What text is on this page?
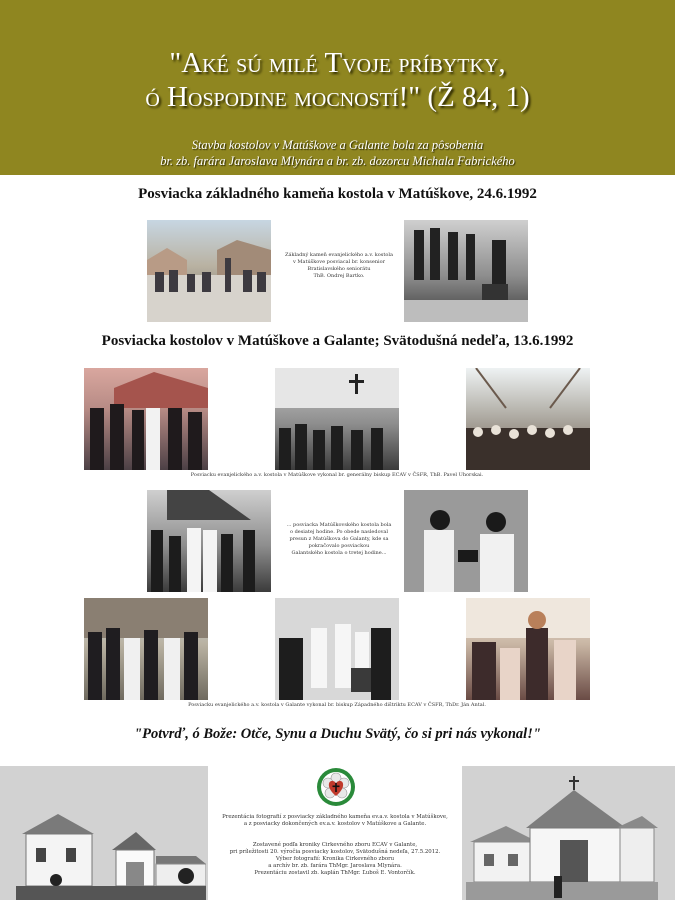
"Aké sú milé Tvoje príbytky,
ó Hospodine mocností!" (Ž 84, 1)
Stavba kostolov v Matúškove a Galante bola za pôsobenia
br. zb. farára Jaroslava Mlynára a br. zb. dozorcu Michala Fabrického
Posviacka základného kameňa kostola v Matúškove, 24.6.1992
Základný kameň evanjelického a.v. kostola
v Matúškove posviacal br. konsenior
Bratislavského seniorátu
ThB. Ondrej Bartko.
Posviacka kostolov v Matúškove a Galante; Svätodušná nedeľa, 13.6.1992
Posviacku evanjelického a.v. kostola v Matúškove vykonal br. generálny biskup ECAV v ČSFR, ThB. Pavel Uhorskai.
... posviacka Matúškovského kostola bola
o desiatej hodine. Po obede nasledoval
presun z Matúškova do Galanty, kde sa
pokračovalo posviackou
Galantského kostola o tretej hodine...
Posviacku evanjelického a.v. kostola v Galante vykonal br. biskup Západného dištriktu ECAV v ČSFR, ThDr. Ján Antal.
"Potvrď, ó Bože: Otče, Synu a Duchu Svätý, čo si pri nás vykonal!"
Prezentácia fotografií z posviacky základného kameňa ev.a.v. kostola v Matúškove,
a z posviacky dokončených ev.a.v. kostolov v Matúškove a Galante.
Zostavené podľa kroniky Cirkevného zboru ECAV v Galante,
pri príležitosti 20. výročia posviacky kostolov, Svätodušná nedeľa, 27.5.2012.
Výber fotografií: Kronika Cirkevného zboru
a archív br. zb. farára ThMgr. Jaroslava Mlynára.
Prezentáciu zostavil zb. kaplán ThMgr. Ľuboš E. Vontorčík.
